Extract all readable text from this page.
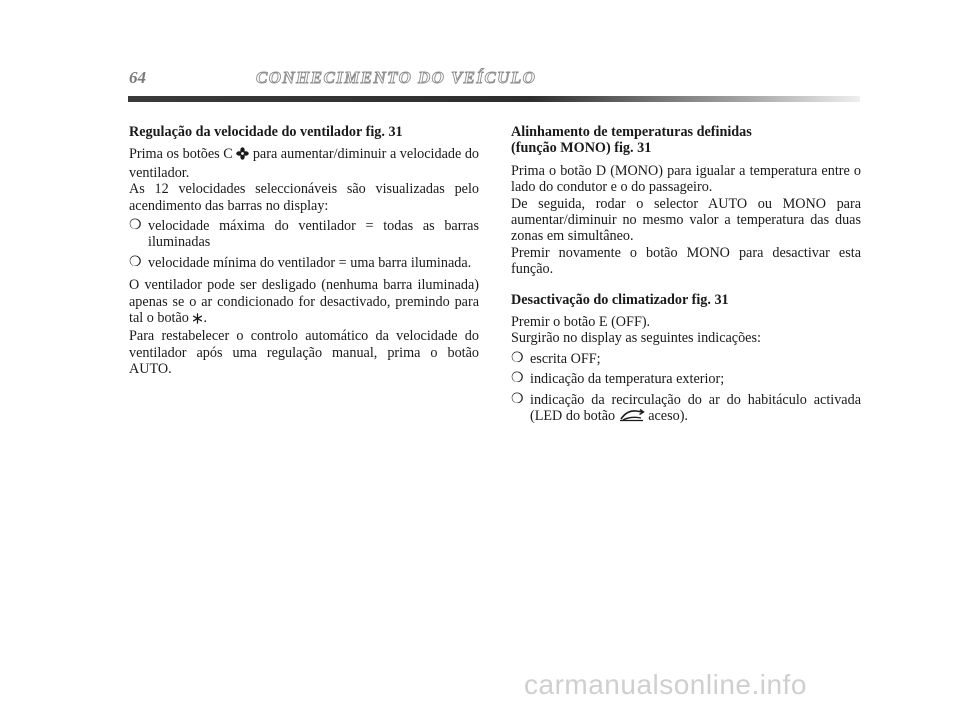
64	CONHECIMENTO DO VEÍCULO
Regulação da velocidade do ventilador fig. 31

Prima os botões C  para aumentar/diminuir a velocidade do ventilador.

As 12 velocidades seleccionáveis são visualizadas pelo acendimento das barras no display:

❍ velocidade máxima do ventilador = todas as barras iluminadas
❍ velocidade mínima do ventilador = uma barra iluminada.

O ventilador pode ser desligado (nenhuma barra iluminada) apenas se o ar condicionado for desactivado, premindo para tal o botão .

Para restabelecer o controlo automático da velocidade do ventilador após uma regulação manual, prima o botão AUTO.

Alinhamento de temperaturas definidas
(função MONO) fig. 31

Prima o botão D (MONO) para igualar a temperatura entre o lado do condutor e o do passageiro.

De seguida, rodar o selector AUTO ou MONO para aumentar/diminuir no mesmo valor a temperatura das duas zonas em simultâneo.

Premir novamente o botão MONO para desactivar esta função.

Desactivação do climatizador fig. 31

Premir o botão E (OFF).

Surgirão no display as seguintes indicações:

❍ escrita OFF;
❍ indicação da temperatura exterior;
❍ indicação da recirculação do ar do habitáculo activada (LED do botão  aceso).
carmanualsonline.info
